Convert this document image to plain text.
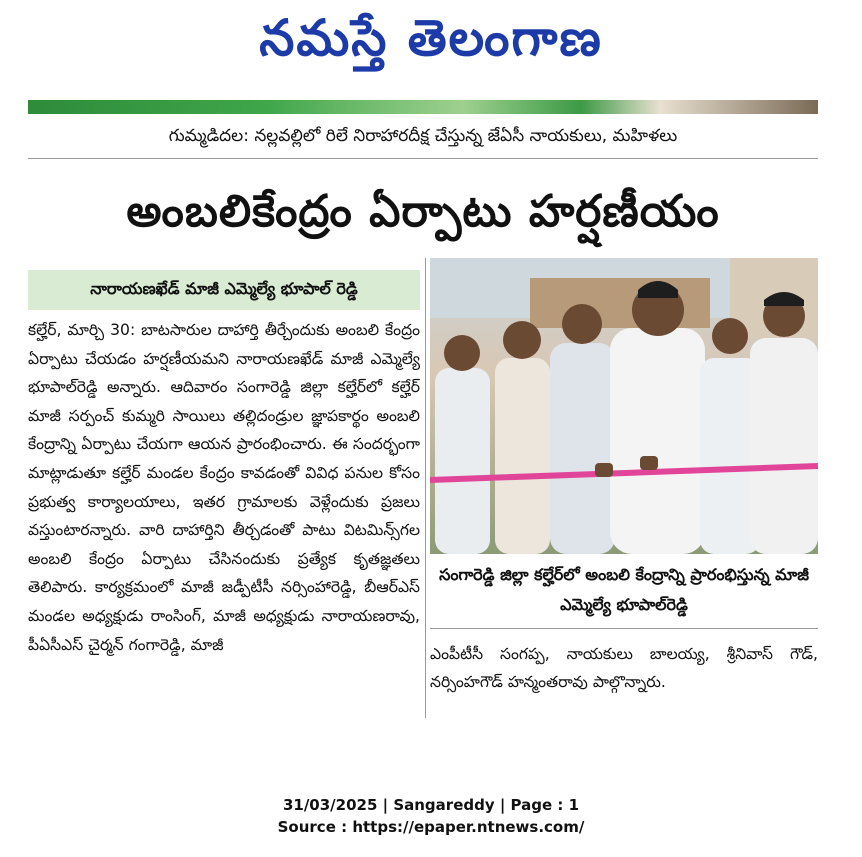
నమస్తే తెలంగాణ
గుమ్మడిదల: నల్లవల్లిలో రిలే నిరాహారదీక్ష చేస్తున్న జేఏసీ నాయకులు, మహిళలు
అంబలికేంద్రం ఏర్పాటు హర్షణీయం
నారాయణఖేడ్ మాజీ ఎమ్మెల్యే భూపాల్ రెడ్డి

కల్హేర్, మార్చి 30: బాటసారుల దాహార్తి తీర్చేందుకు అంబలి కేంద్రం ఏర్పాటు చేయడం హర్షణీయమని నారాయణఖేడ్ మాజీ ఎమ్మెల్యే భూపాల్‌రెడ్డి అన్నారు. ఆదివారం సంగారెడ్డి జిల్లా కల్హేర్‌లో కల్హేర్ మాజీ సర్పంచ్ కుమ్మరి సాయిలు తల్లిదండ్రుల జ్ఞాపకార్థం అంబలి కేంద్రాన్ని ఏర్పాటు చేయగా ఆయన ప్రారంభించారు. ఈ సందర్భంగా మాట్లాడుతూ కల్హేర్ మండల కేంద్రం కావడంతో వివిధ పనుల కోసం ప్రభుత్వ కార్యాలయాలు, ఇతర గ్రామాలకు వెళ్లేందుకు ప్రజలు వస్తుంటారన్నారు. వారి దాహార్తిని తీర్చడంతో పాటు విటమిన్స్‌గల అంబలి కేంద్రం ఏర్పాటు చేసినందుకు ప్రత్యేక కృతజ్ఞతలు తెలిపారు. కార్యక్రమంలో మాజీ జడ్పీటీసీ నర్సింహారెడ్డి, బీఆర్ఎస్ మండల అధ్యక్షుడు రాంసింగ్, మాజీ అధ్యక్షుడు నారాయణరావు, పీఏసీఎస్ చైర్మన్ గంగారెడ్డి, మాజీ

సంగారెడ్డి జిల్లా కల్హేర్‌లో అంబలి కేంద్రాన్ని ప్రారంభిస్తున్న మాజీ ఎమ్మెల్యే భూపాల్‌రెడ్డి

ఎంపీటీసీ సంగప్ప, నాయకులు బాలయ్య, శ్రీనివాస్ గౌడ్, నర్సింహగౌడ్ హన్మంతరావు పాల్గొన్నారు.

31/03/2025 | Sangareddy | Page : 1
Source : https://epaper.ntnews.com/
